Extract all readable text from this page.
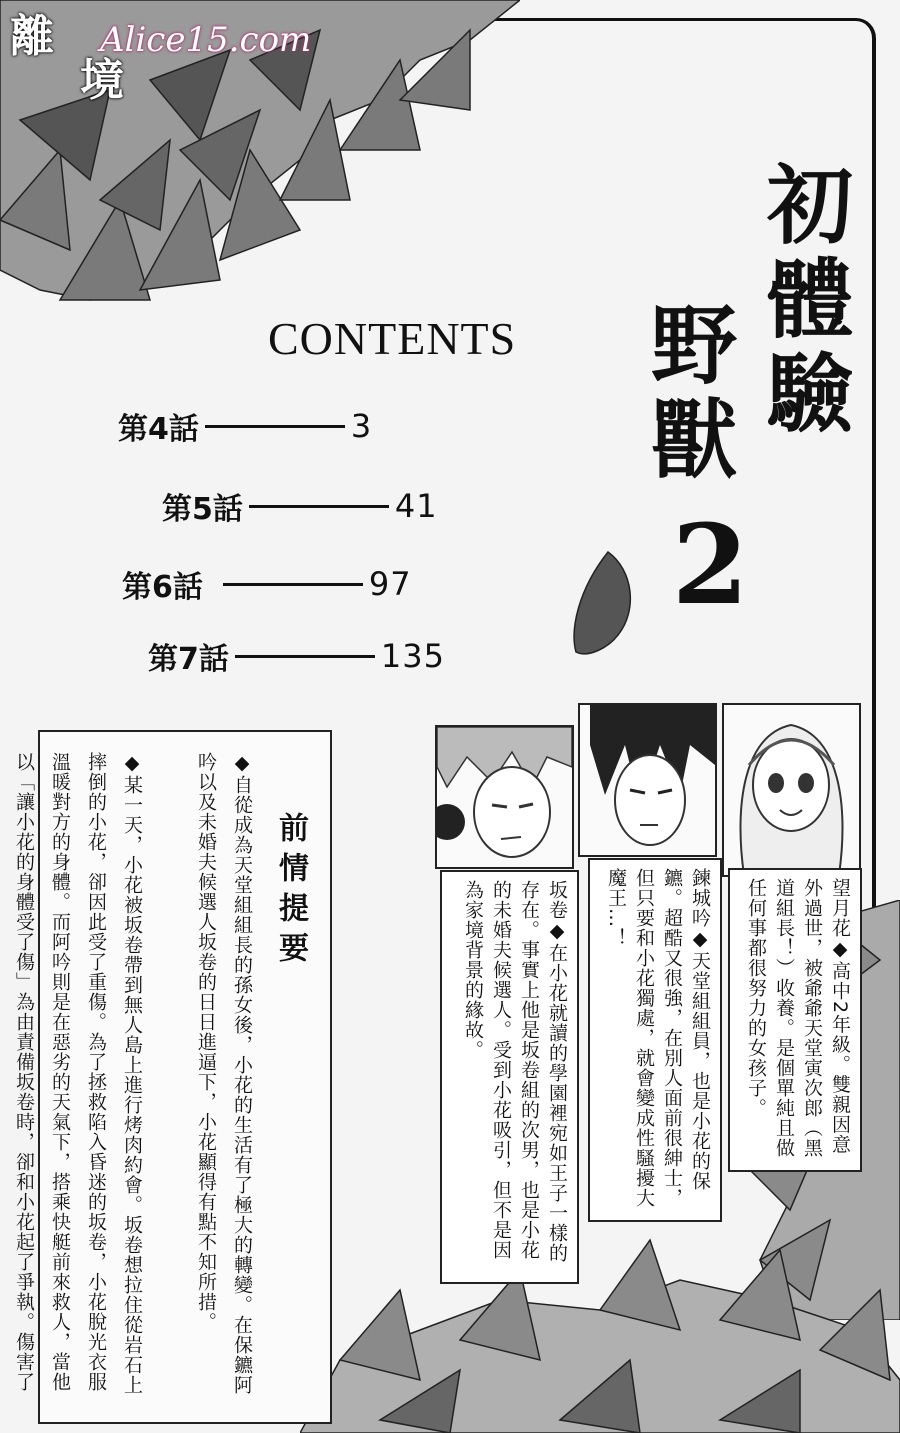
離
境
Alice15.com
初體驗
野獸
2
CONTENTS
第4話	3
第5話	41
第6話	97
第7話	135
前情提要
◆自從成為天堂組組長的孫女後，小花的生活有了極大的轉變。在保鑣阿吟以及未婚夫候選人坂卷的日日進逼下，小花顯得有點不知所措。
◆某一天，小花被坂卷帶到無人島上進行烤肉約會。坂卷想拉住從岩石上摔倒的小花，卻因此受了重傷。為了拯救陷入昏迷的坂卷，小花脫光衣服溫暖對方的身體。而阿吟則是在惡劣的天氣下，搭乘快艇前來救人，當他以「讓小花的身體受了傷」為由責備坂卷時，卻和小花起了爭執。傷害了
望月花◆高中2年級。雙親因意外過世，被爺爺天堂寅次郎（黑道組長！）收養。是個單純且做任何事都很努力的女孩子。
鍊城吟◆天堂組組員，也是小花的保鑣。超酷又很強，在別人面前很紳士，但只要和小花獨處，就會變成性騷擾大魔王…！
坂卷◆在小花就讀的學園裡宛如王子一樣的存在。事實上他是坂卷組的次男，也是小花的未婚夫候選人。受到小花吸引，但不是因為家境背景的緣故。
